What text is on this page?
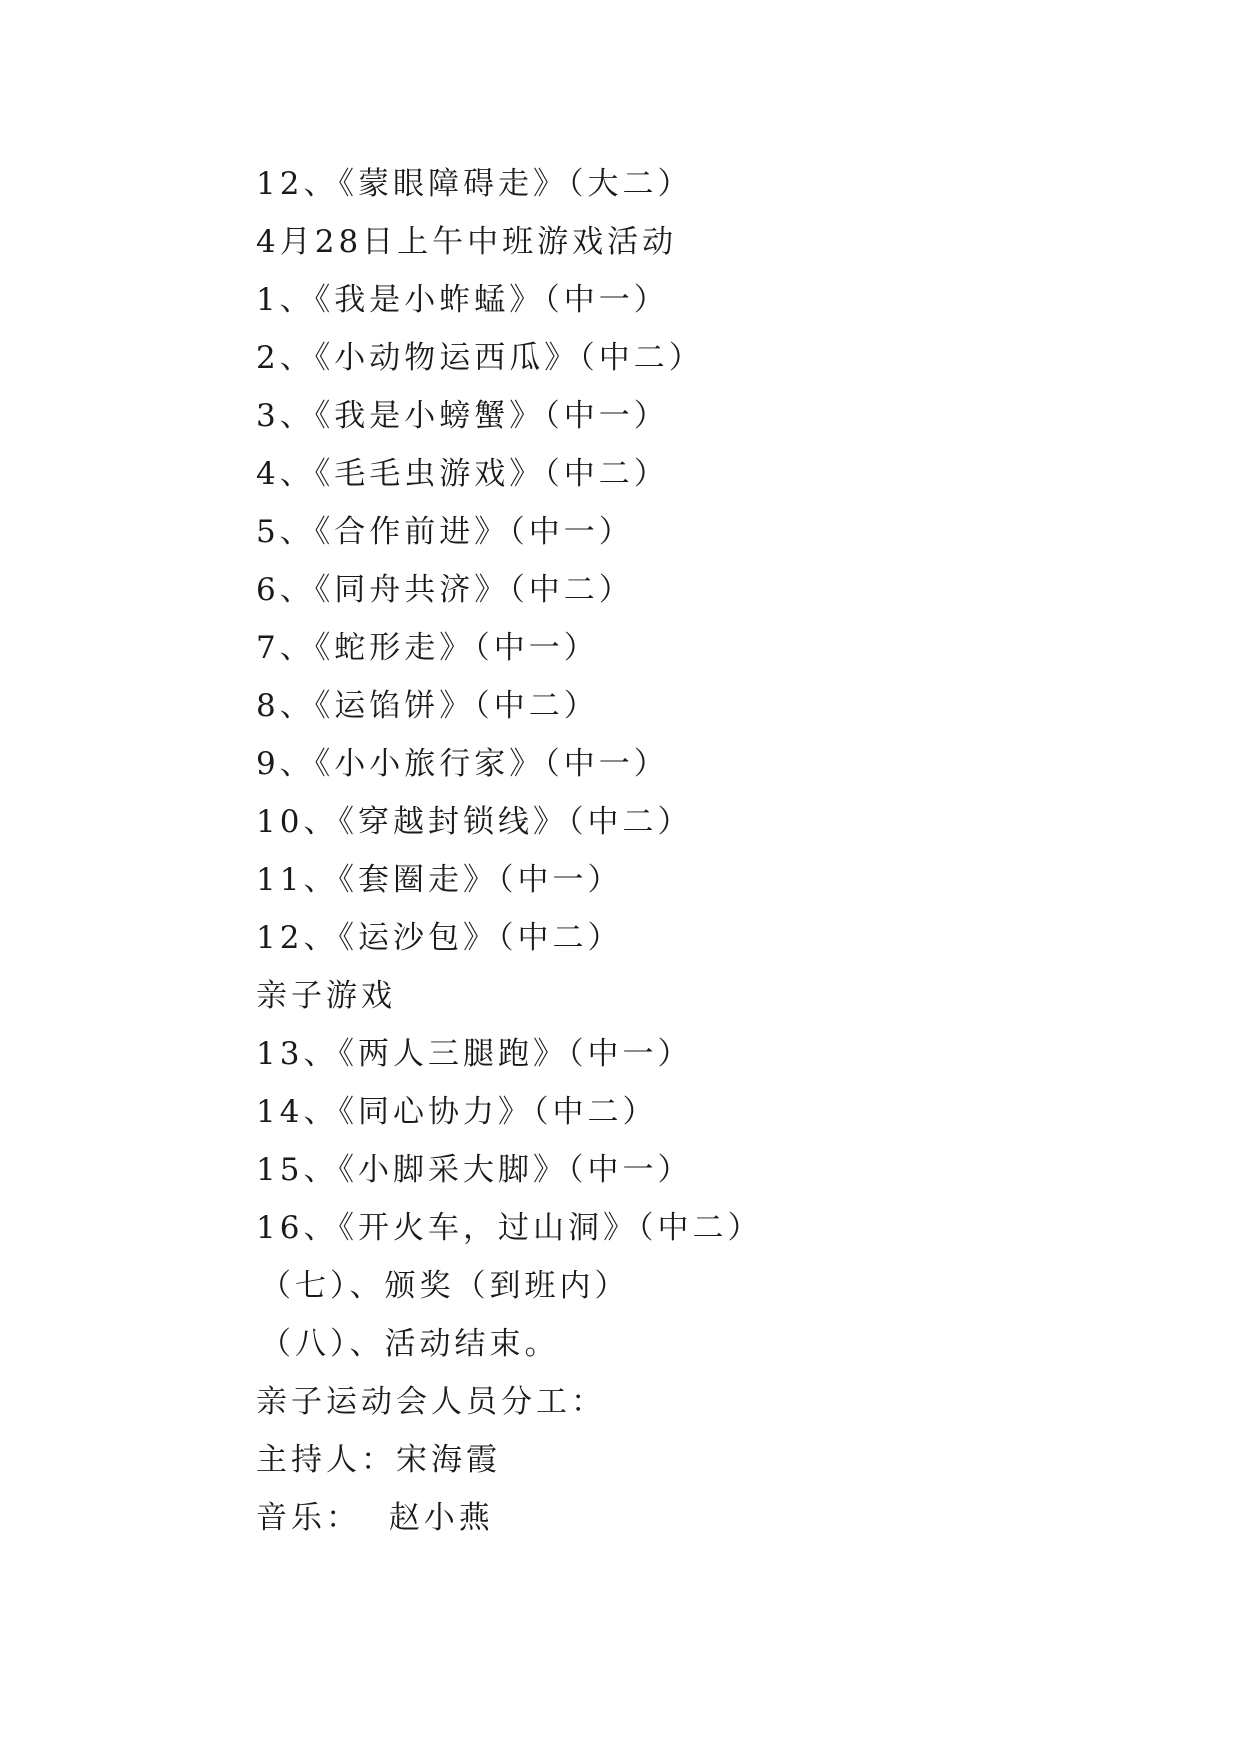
12、《蒙眼障碍走》（大二）
4月28日上午中班游戏活动
1、《我是小蚱蜢》（中一）
2、《小动物运西瓜》（中二）
3、《我是小螃蟹》（中一）
4、《毛毛虫游戏》（中二）
5、《合作前进》（中一）
6、《同舟共济》（中二）
7、《蛇形走》（中一）
8、《运馅饼》（中二）
9、《小小旅行家》（中一）
10、《穿越封锁线》（中二）
11、《套圈走》（中一）
12、《运沙包》（中二）
亲子游戏
13、《两人三腿跑》（中一）
14、《同心协力》（中二）
15、《小脚采大脚》（中一）
16、《开火车，过山洞》（中二）
（七）、颁奖（到班内）
（八）、活动结束。
亲子运动会人员分工：
主持人：宋海霞
音乐：  赵小燕
